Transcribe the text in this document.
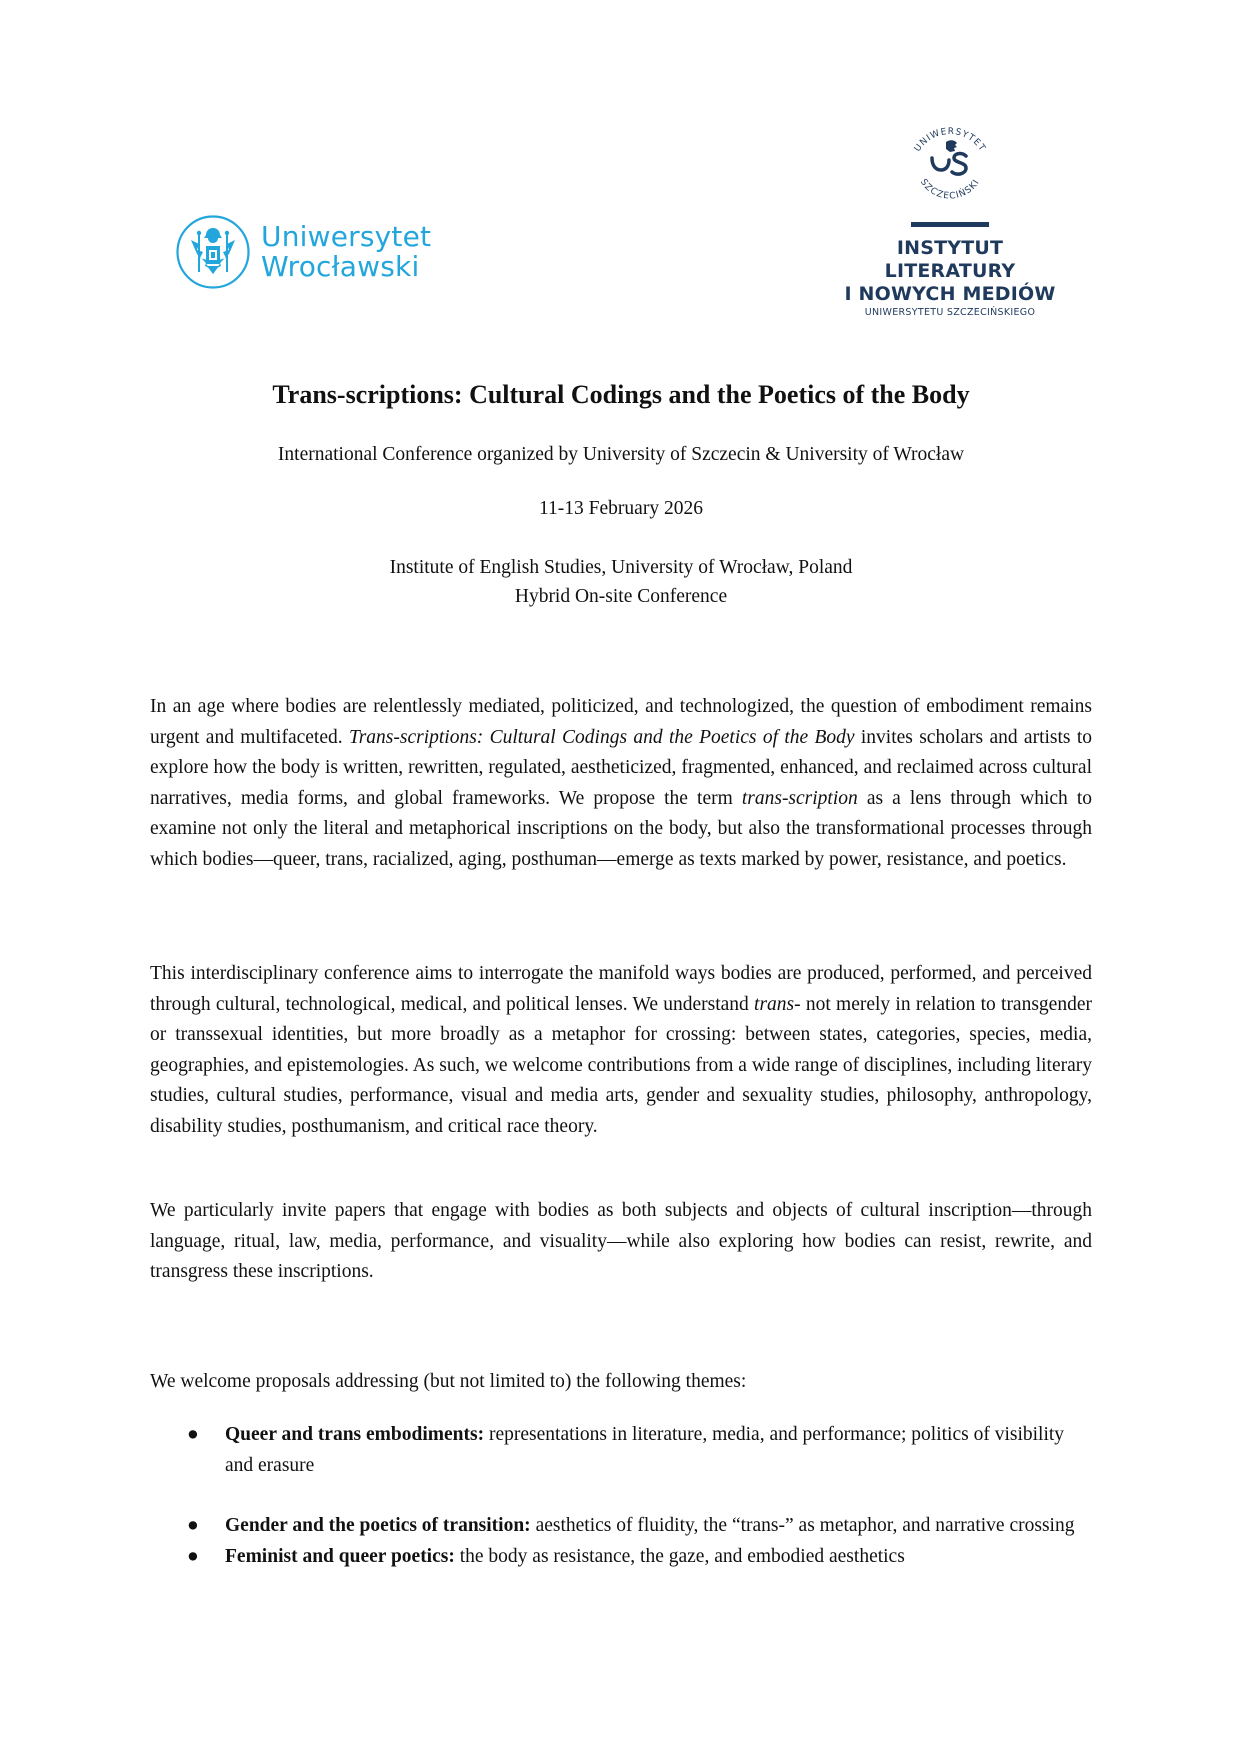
Uniwersytet
Wrocławski
UNIWERSYTET
SZCZECIŃSKI
INSTYTUT LITERATURY
I NOWYCH MEDIÓW
UNIWERSYTETU SZCZECIŃSKIEGO
Trans-scriptions: Cultural Codings and the Poetics of the Body
International Conference organized by University of Szczecin & University of Wrocław
11-13 February 2026
Institute of English Studies, University of Wrocław, Poland
Hybrid On-site Conference

In an age where bodies are relentlessly mediated, politicized, and technologized, the question of embodiment remains urgent and multifaceted. Trans-scriptions: Cultural Codings and the Poetics of the Body invites scholars and artists to explore how the body is written, rewritten, regulated, aestheticized, fragmented, enhanced, and reclaimed across cultural narratives, media forms, and global frameworks. We propose the term trans-scription as a lens through which to examine not only the literal and metaphorical inscriptions on the body, but also the transformational processes through which bodies—queer, trans, racialized, aging, posthuman—emerge as texts marked by power, resistance, and poetics.

This interdisciplinary conference aims to interrogate the manifold ways bodies are produced, performed, and perceived through cultural, technological, medical, and political lenses. We understand trans- not merely in relation to transgender or transsexual identities, but more broadly as a metaphor for crossing: between states, categories, species, media, geographies, and epistemologies. As such, we welcome contributions from a wide range of disciplines, including literary studies, cultural studies, performance, visual and media arts, gender and sexuality studies, philosophy, anthropology, disability studies, posthumanism, and critical race theory.

We particularly invite papers that engage with bodies as both subjects and objects of cultural inscription—through language, ritual, law, media, performance, and visuality—while also exploring how bodies can resist, rewrite, and transgress these inscriptions.

We welcome proposals addressing (but not limited to) the following themes:

● Queer and trans embodiments: representations in literature, media, and performance; politics of visibility and erasure
● Gender and the poetics of transition: aesthetics of fluidity, the “trans-” as metaphor, and narrative crossing
● Feminist and queer poetics: the body as resistance, the gaze, and embodied aesthetics
